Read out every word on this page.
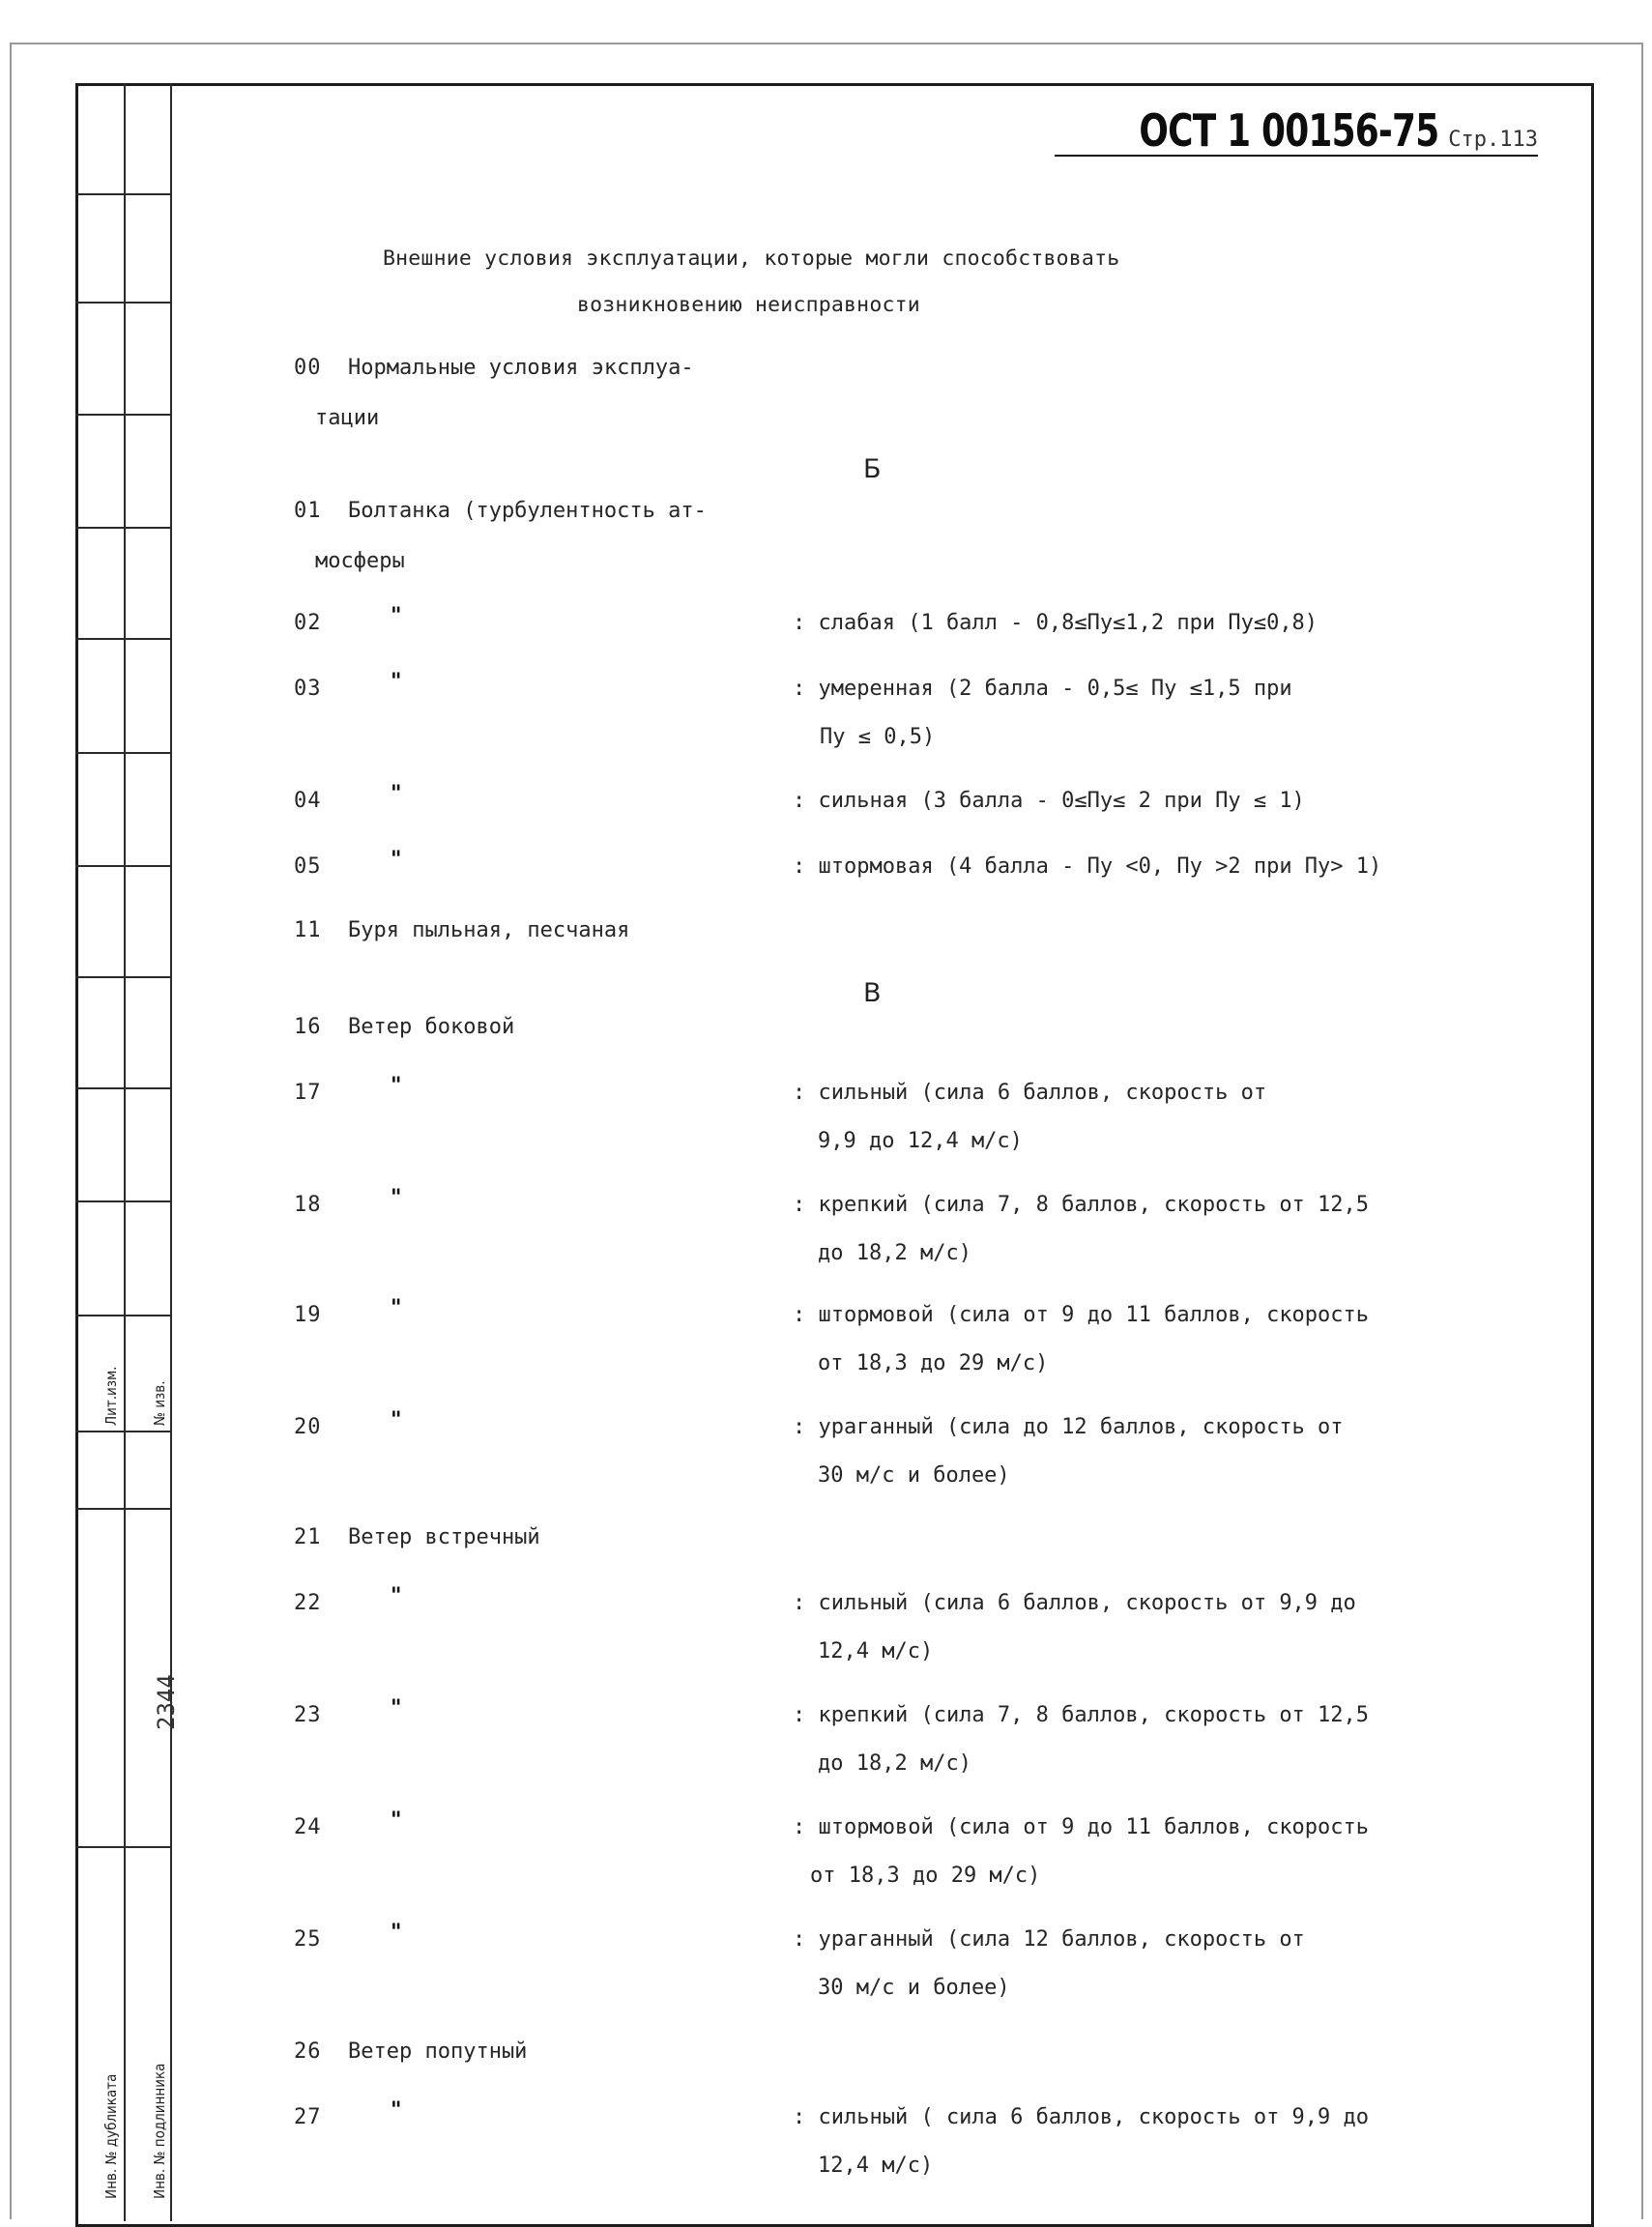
Лит.изм. № изв.
2344
Инв. № дубликата Инв. № подлинника
ОСТ 1 00156-75 Стр.113
Внешние условия эксплуатации, которые могли способствовать
возникновению неисправности
Б
В
00 Нормальные условия эксплуа-
тации
01 Болтанка (турбулентность ат-
мосферы
02	"	: слабая (1 балл - 0,8≤Пу≤1,2 при Пу≤0,8)
03	"	: умеренная (2 балла - 0,5≤ Пу ≤1,5 при
Пу ≤ 0,5)
04	"	: сильная (3 балла - 0≤Пу≤ 2 при Пу ≤ 1)
05	"	: штормовая (4 балла - Пу <0, Пу >2 при Пу> 1)
11 Буря пыльная, песчаная
16 Ветер боковой
17	"	: сильный (сила 6 баллов, скорость от
9,9 до 12,4 м/с)
18	"	: крепкий (сила 7, 8 баллов, скорость от 12,5
до 18,2 м/с)
19	"	: штормовой (сила от 9 до 11 баллов, скорость
от 18,3 до 29 м/с)
20	"	: ураганный (сила до 12 баллов, скорость от
30 м/с и более)
21 Ветер встречный
22	"	: сильный (сила 6 баллов, скорость от 9,9 до
12,4 м/с)
23	"	: крепкий (сила 7, 8 баллов, скорость от 12,5
до 18,2 м/с)
24	"	: штормовой (сила от 9 до 11 баллов, скорость
от 18,3 до 29 м/с)
25	"	: ураганный (сила 12 баллов, скорость от
30 м/с и более)
26 Ветер попутный
27	"	: сильный ( сила 6 баллов, скорость от 9,9 до
12,4 м/с)
